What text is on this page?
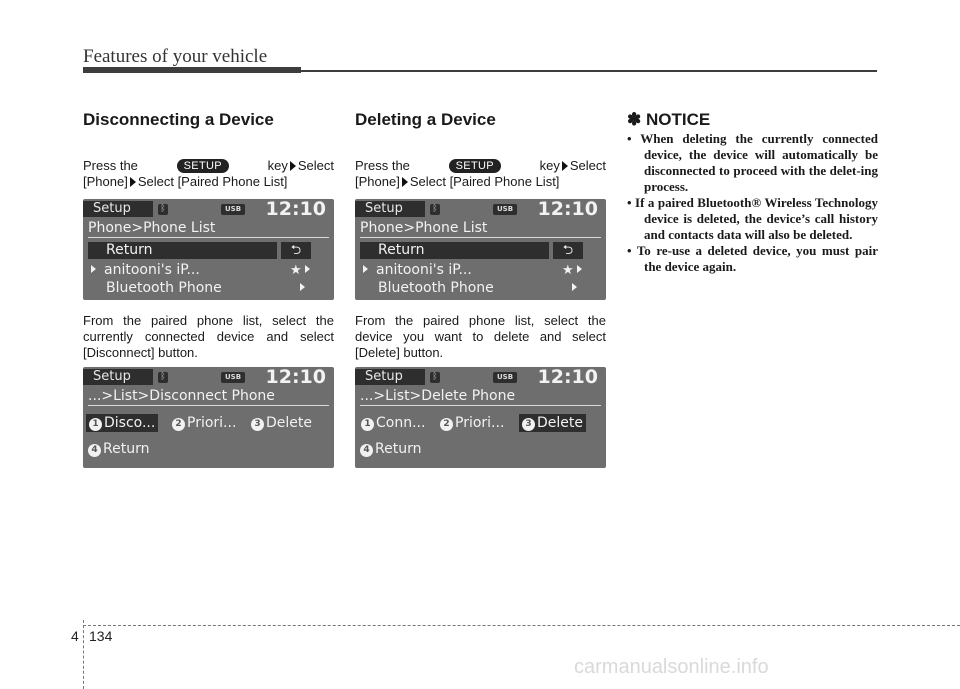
Features of your vehicle
Disconnecting a Device
Press the	SETUP	key Select
[Phone] Select [Paired Phone List]
Setup	ᛒ	USB 12:10
Phone>Phone List
Return	⮌
anitooni's iP...	★
Bluetooth Phone
From the paired phone list, select the currently connected device and select [Disconnect] button.
Setup	ᛒ	USB 12:10
...>List>Disconnect Phone
1 Disco...	2 Priori...	3 Delete
4 Return
Deleting a Device
Press the	SETUP	key Select
[Phone] Select [Paired Phone List]
Setup	ᛒ	USB 12:10
Phone>Phone List
Return	⮌
anitooni's iP...	★
Bluetooth Phone
From the paired phone list, select the device you want to delete and select [Delete] button.
Setup	ᛒ	USB 12:10
...>List>Delete Phone
1 Conn...	2 Priori...	3 Delete
4 Return
✽ NOTICE
• When deleting the currently connected device, the device will automatically be disconnected to proceed with the delet-ing process.
• If a paired Bluetooth® Wireless Technology device is deleted, the device’s call history and contacts data will also be deleted.
• To re-use a deleted device, you must pair the device again.
4 134
carmanualsonline.info
